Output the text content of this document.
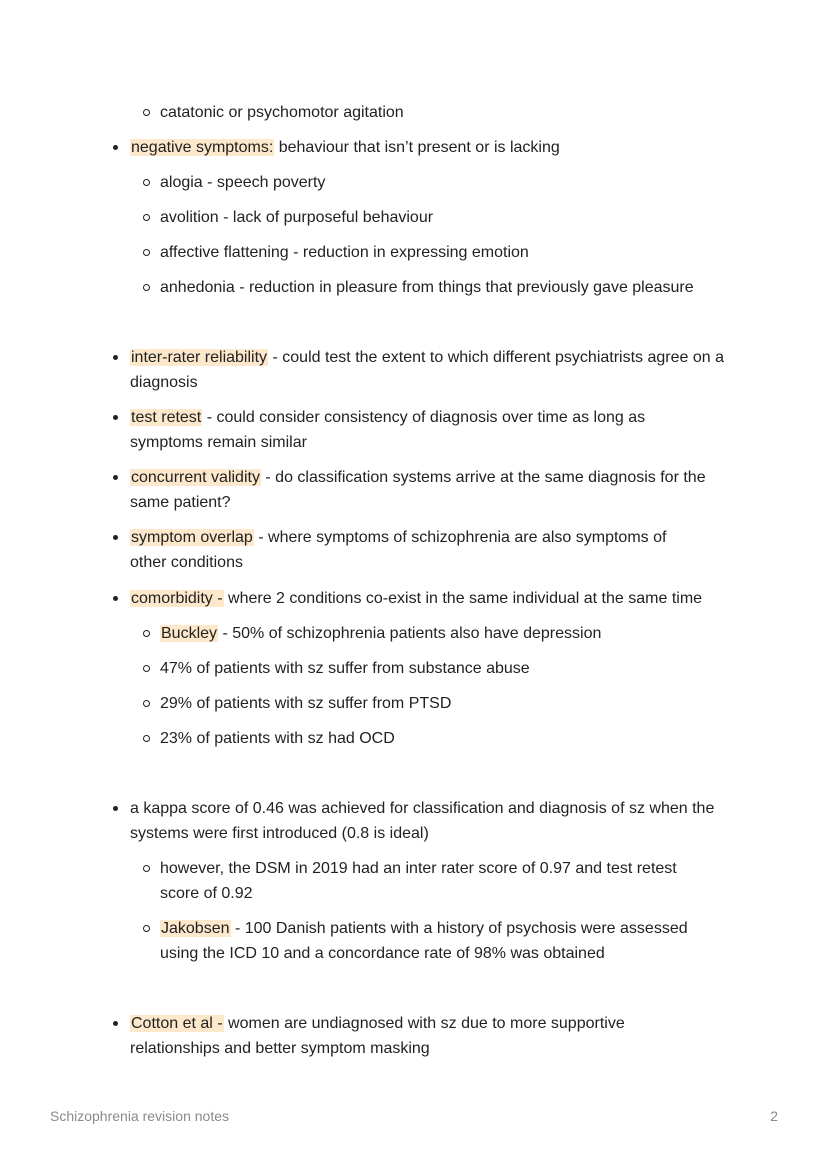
catatonic or psychomotor agitation
negative symptoms: behaviour that isn’t present or is lacking
alogia - speech poverty
avolition - lack of purposeful behaviour
affective flattening - reduction in expressing emotion
anhedonia - reduction in pleasure from things that previously gave pleasure
inter-rater reliability - could test the extent to which different psychiatrists agree on a diagnosis
test retest - could consider consistency of diagnosis over time as long as symptoms remain similar
concurrent validity - do classification systems arrive at the same diagnosis for the same patient?
symptom overlap - where symptoms of schizophrenia are also symptoms of other conditions
comorbidity - where 2 conditions co-exist in the same individual at the same time
Buckley - 50% of schizophrenia patients also have depression
47% of patients with sz suffer from substance abuse
29% of patients with sz suffer from PTSD
23% of patients with sz had OCD
a kappa score of 0.46 was achieved for classification and diagnosis of sz when the systems were first introduced (0.8 is ideal)
however, the DSM in 2019 had an inter rater score of 0.97 and test retest score of 0.92
Jakobsen - 100 Danish patients with a history of psychosis were assessed using the ICD 10 and a concordance rate of 98% was obtained
Cotton et al - women are undiagnosed with sz due to more supportive relationships and better symptom masking
Schizophrenia revision notes	2
